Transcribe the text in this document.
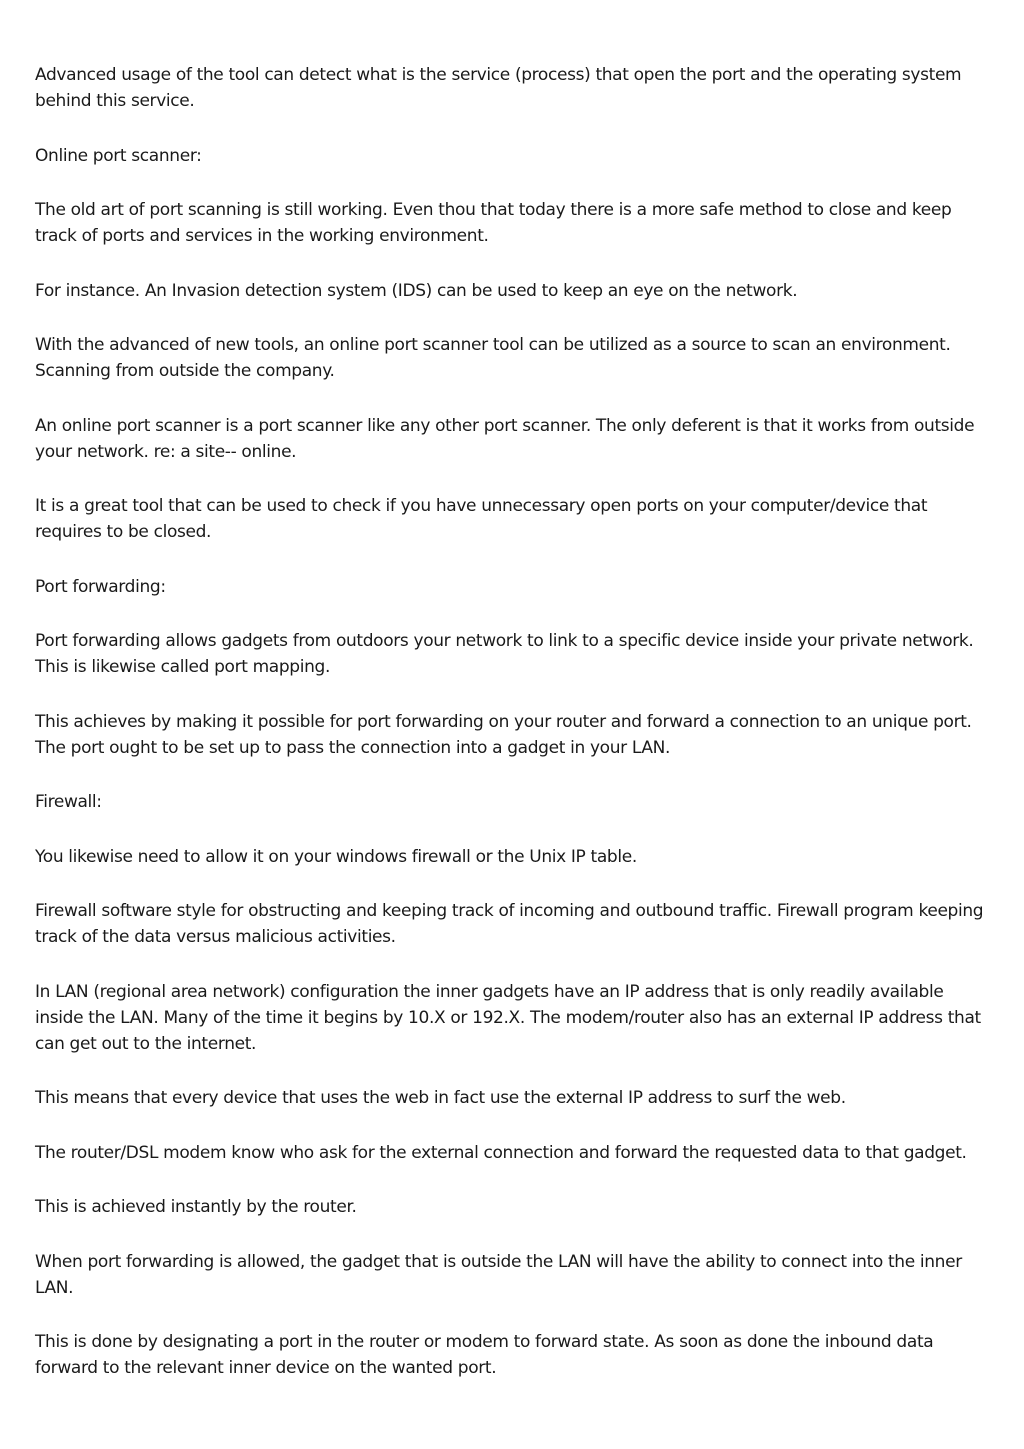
Advanced usage of the tool can detect what is the service (process) that open the port and the operating system behind this service.

Online port scanner:

The old art of port scanning is still working. Even thou that today there is a more safe method to close and keep track of ports and services in the working environment.

For instance. An Invasion detection system (IDS) can be used to keep an eye on the network.

With the advanced of new tools, an online port scanner tool can be utilized as a source to scan an environment. Scanning from outside the company.

An online port scanner is a port scanner like any other port scanner. The only deferent is that it works from outside your network. re: a site-- online.

It is a great tool that can be used to check if you have unnecessary open ports on your computer/device that requires to be closed.

Port forwarding:

Port forwarding allows gadgets from outdoors your network to link to a specific device inside your private network. This is likewise called port mapping.

This achieves by making it possible for port forwarding on your router and forward a connection to an unique port. The port ought to be set up to pass the connection into a gadget in your LAN.

Firewall:

You likewise need to allow it on your windows firewall or the Unix IP table.

Firewall software style for obstructing and keeping track of incoming and outbound traffic. Firewall program keeping track of the data versus malicious activities.

In LAN (regional area network) configuration the inner gadgets have an IP address that is only readily available inside the LAN. Many of the time it begins by 10.X or 192.X. The modem/router also has an external IP address that can get out to the internet.

This means that every device that uses the web in fact use the external IP address to surf the web.

The router/DSL modem know who ask for the external connection and forward the requested data to that gadget.

This is achieved instantly by the router.

When port forwarding is allowed, the gadget that is outside the LAN will have the ability to connect into the inner LAN.

This is done by designating a port in the router or modem to forward state. As soon as done the inbound data forward to the relevant inner device on the wanted port.
